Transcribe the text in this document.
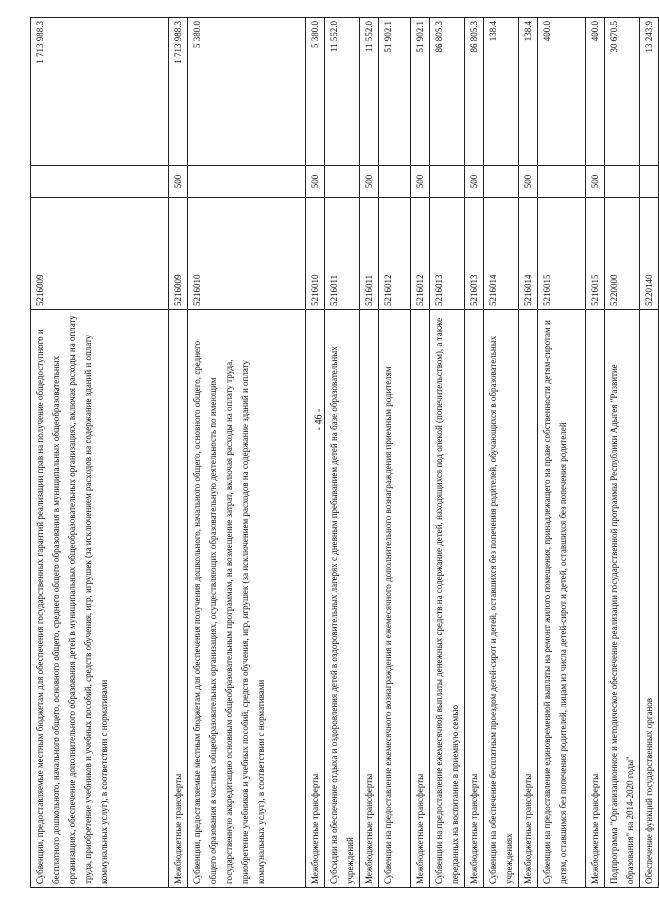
- 46 -
Субвенции, предоставляемые местным бюджетам для обеспечения государственных гарантий реализации прав на получение общедоступного и бесплатного дошкольного, начального общего, основного общего, среднего общего образования в муниципальных общеобразовательных организациях, обеспечение дополнительного образования детей в муниципальных общеобразовательных организациях, включая расходы на оплату труда, приобретение учебников и учебных пособий, средств обучения, игр, игрушек (за исключением расходов на содержание зданий и оплату коммунальных услуг), в соответствии с нормативами	5216009		1 713 988.3
Межбюджетные трансферты	5216009	500	1 713 988.3
Субвенции, предоставляемые местным бюджетам для обеспечения получения дошкольного, начального общего, основного общего, среднего общего образования в частных общеобразовательных организациях, осуществляющих образовательную деятельность по имеющим государственную аккредитацию основным общеобразовательным программам, на возмещение затрат, включая расходы на оплату труда, приобретение учебников и учебных пособий, средств обучения, игр, игрушек (за исключением расходов на содержание зданий и оплату коммунальных услуг), в соответствии с нормативами	5216010		5 380.0
Межбюджетные трансферты	5216010	500	5 380.0
Субсидии на обеспечение отдыха и оздоровления детей в оздоровительных лагерях с дневным пребыванием детей на базе образовательных учреждений	5216011		11 552.0
Межбюджетные трансферты	5216011	500	11 552.0
Субвенции на предоставление ежемесячного вознаграждения и ежемесячного дополнительного вознаграждения приемным родителям	5216012		51 902.1
Межбюджетные трансферты	5216012	500	51 902.1
Субвенции на предоставление ежемесячной выплаты денежных средств на содержание детей, находящихся под опекой (попечительством), а также переданных на воспитание в приемную семью	5216013		86 805.3
Межбюджетные трансферты	5216013	500	86 805.3
Субвенции на обеспечение бесплатным проездом детей-сирот и детей, оставшихся без попечения родителей, обучающихся в образовательных учреждениях	5216014		138.4
Межбюджетные трансферты	5216014	500	138.4
Субвенции на предоставление единовременной выплаты на ремонт жилого помещения, принадлежащего на праве собственности детям-сиротам и детям, оставшимся без попечения родителей, лицам из числа детей-сирот и детей, оставшихся без попечения родителей	5216015		400.0
Межбюджетные трансферты	5216015	500	400.0
Подпрограмма "Организационное и методическое обеспечение реализации государственной программы Республики Адыгея "Развитие образования" на 2014-2020 годы"	5220000		30 670.5
Обеспечение функций государственных органов	5220140		13 243.9
